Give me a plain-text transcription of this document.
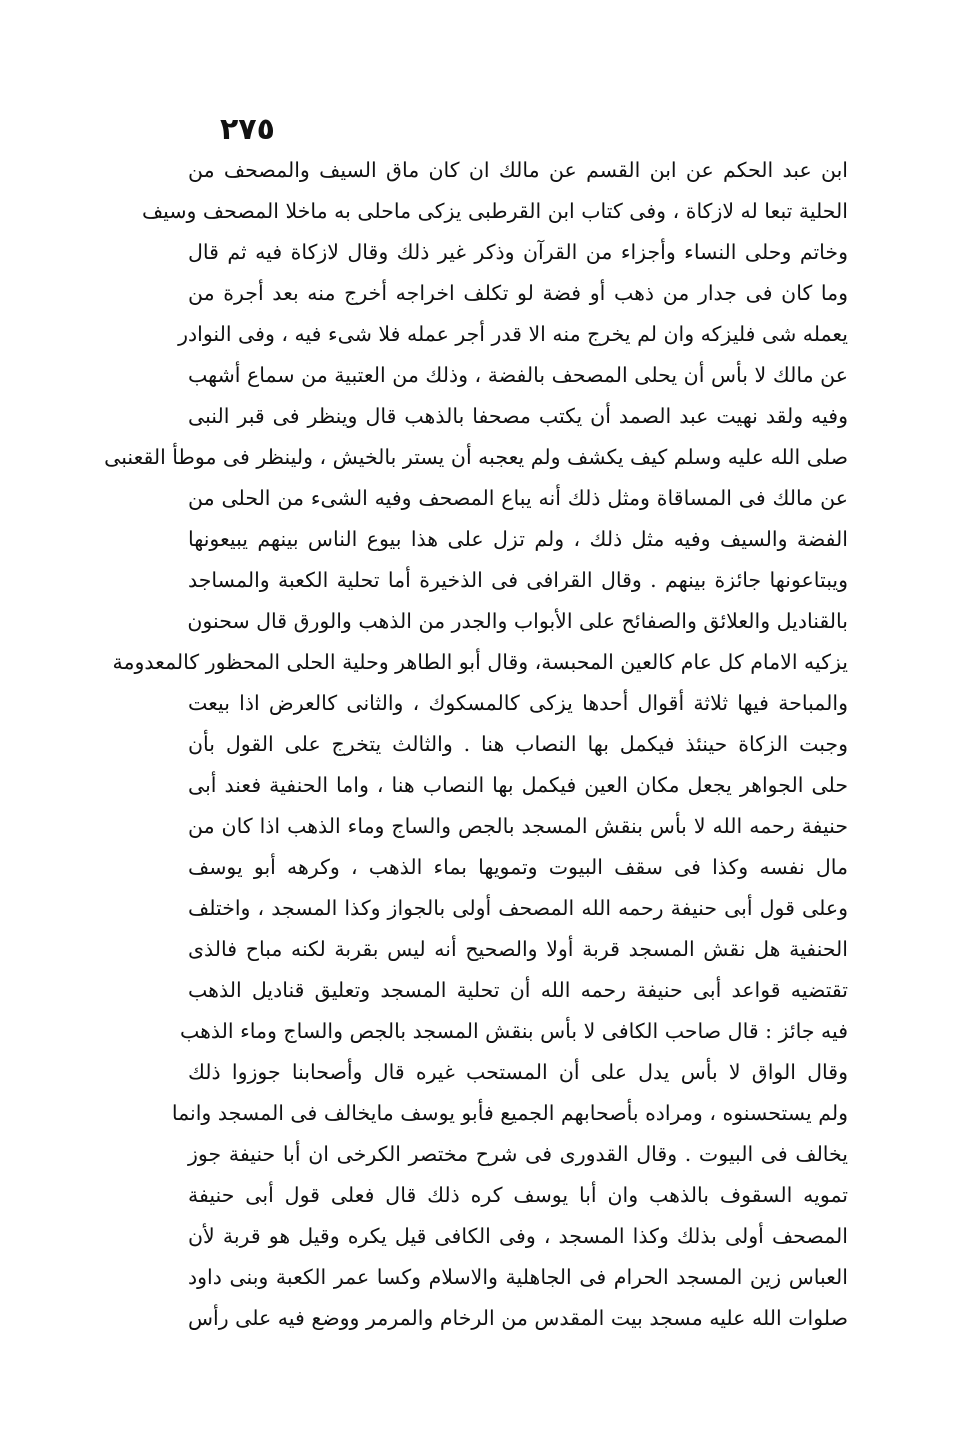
٢٧٥
ابن عبد الحكم عن ابن القسم عن مالك ان كان ماق السيف والمصحف من
الحلية تبعا له لازكاة ، وفى كتاب ابن القرطبى يزكى ماحلى به ماخلا المصحف وسيف
وخاتم وحلى النساء وأجزاء من القرآن وذكر غير ذلك وقال لازكاة فيه ثم قال
وما كان فى جدار من ذهب أو فضة لو تكلف اخراجه أخرج منه بعد أجرة من
يعمله شى فليزكه وان لم يخرج منه الا قدر أجر عمله فلا شىء فيه ، وفى النوادر
عن مالك لا بأس أن يحلى المصحف بالفضة ، وذلك من العتبية من سماع أشهب
وفيه ولقد نهيت عبد الصمد أن يكتب مصحفا بالذهب قال وينظر فى قبر النبى
صلى الله عليه وسلم كيف يكشف ولم يعجبه أن يستر بالخيش ، ولينظر فى موطأ القعنبى
عن مالك فى المساقاة ومثل ذلك أنه يباع المصحف وفيه الشىء من الحلى من
الفضة والسيف وفيه مثل ذلك ، ولم تزل على هذا بيوع الناس بينهم يبيعونها
ويبتاعونها جائزة بينهم . وقال القرافى فى الذخيرة أما تحلية الكعبة والمساجد
بالقناديل والعلائق والصفائح على الأبواب والجدر من الذهب والورق قال سحنون
يزكيه الامام كل عام كالعين المحبسة، وقال أبو الطاهر وحلية الحلى المحظور كالمعدومة
والمباحة فيها ثلاثة أقوال أحدها يزكى كالمسكوك ، والثانى كالعرض اذا بيعت
وجبت الزكاة حينئذ فيكمل بها النصاب هنا . والثالث يتخرج على القول بأن
حلى الجواهر يجعل مكان العين فيكمل بها النصاب هنا ، واما الحنفية فعند أبى
حنيفة رحمه الله لا بأس بنقش المسجد بالجص والساج وماء الذهب اذا كان من
مال نفسه وكذا فى سقف البيوت وتمويها بماء الذهب ، وكرهه أبو يوسف
وعلى قول أبى حنيفة رحمه الله المصحف أولى بالجواز وكذا المسجد ، واختلف
الحنفية هل نقش المسجد قربة أولا والصحيح أنه ليس بقربة لكنه مباح فالذى
تقتضيه قواعد أبى حنيفة رحمه الله أن تحلية المسجد وتعليق قناديل الذهب
فيه جائز : قال صاحب الكافى لا بأس بنقش المسجد بالجص والساج وماء الذهب
وقال الواق لا بأس يدل على أن المستحب غيره قال وأصحابنا جوزوا ذلك
ولم يستحسنوه ، ومراده بأصحابهم الجميع فأبو يوسف مايخالف فى المسجد وانما
يخالف فى البيوت . وقال القدورى فى شرح مختصر الكرخى ان أبا حنيفة جوز
تمويه السقوف بالذهب وان أبا يوسف كره ذلك قال فعلى قول أبى حنيفة
المصحف أولى بذلك وكذا المسجد ، وفى الكافى قيل يكره وقيل هو قربة لأن
العباس زين المسجد الحرام فى الجاهلية والاسلام وكسا عمر الكعبة وبنى داود
صلوات الله عليه مسجد بيت المقدس من الرخام والمرمر ووضع فيه على رأس
